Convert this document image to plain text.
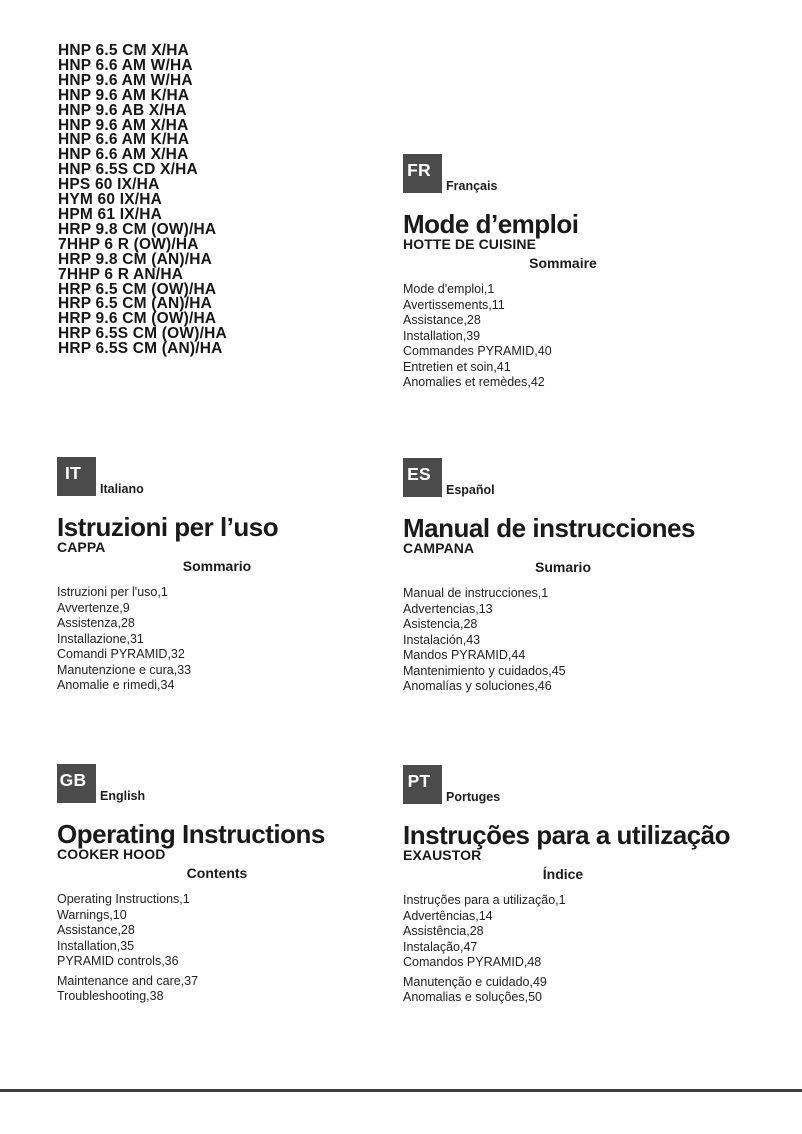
HNP 6.5 CM X/HA
HNP 6.6 AM W/HA
HNP 9.6 AM W/HA
HNP 9.6 AM K/HA
HNP 9.6 AB X/HA
HNP 9.6 AM X/HA
HNP 6.6 AM K/HA
HNP 6.6 AM X/HA
HNP 6.5S CD X/HA
HPS 60 IX/HA
HYM 60 IX/HA
HPM 61 IX/HA
HRP 9.8 CM (OW)/HA
7HHP 6 R (OW)/HA
HRP 9.8 CM (AN)/HA
7HHP 6 R AN/HA
HRP 6.5 CM (OW)/HA
HRP 6.5 CM (AN)/HA
HRP 9.6 CM (OW)/HA
HRP 6.5S CM (OW)/HA
HRP 6.5S CM (AN)/HA
FR
Français
Mode d’emploi
HOTTE DE CUISINE
Sommaire
Mode d'emploi,1
Avertissements,11
Assistance,28
Installation,39
Commandes PYRAMID,40
Entretien et soin,41
Anomalies et remèdes,42
IT
Italiano
Istruzioni per l’uso
CAPPA
Sommario
Istruzioni per l'uso,1
Avvertenze,9
Assistenza,28
Installazione,31
Comandi PYRAMID,32
Manutenzione e cura,33
Anomalie e rimedi,34
ES
Español
Manual de instrucciones
CAMPANA
Sumario
Manual de instrucciones,1
Advertencias,13
Asistencia,28
Instalación,43
Mandos PYRAMID,44
Mantenimiento y cuidados,45
Anomalías y soluciones,46
GB
English
Operating Instructions
COOKER HOOD
Contents
Operating Instructions,1
Warnings,10
Assistance,28
Installation,35
PYRAMID controls,36
Maintenance and care,37
Troubleshooting,38
PT
Portuges
Instruções para a utilização
EXAUSTOR
Índice
Instruções para a utilização,1
Advertências,14
Assistência,28
Instalação,47
Comandos PYRAMID,48
Manutenção e cuidado,49
Anomalias e soluções,50
